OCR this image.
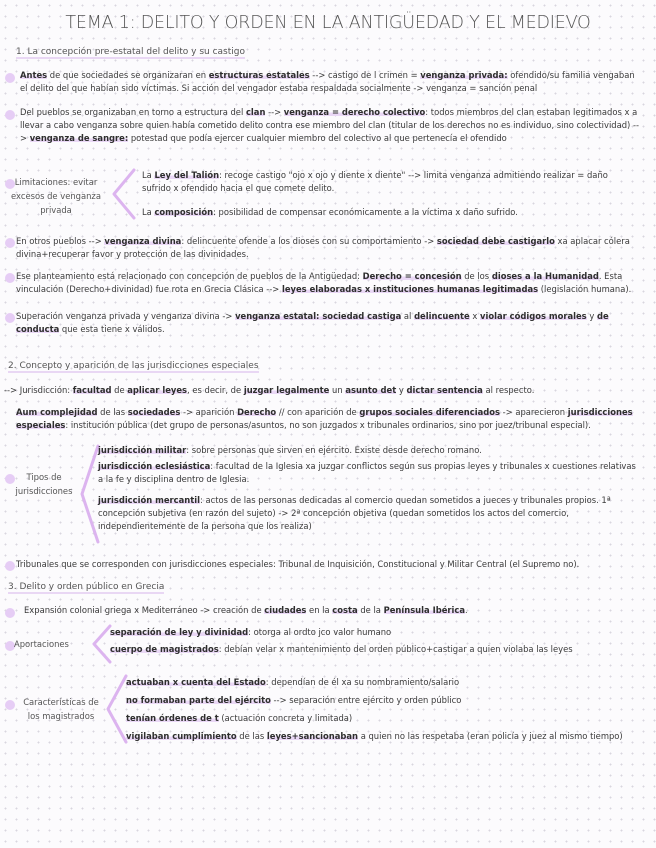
TEMA 1: DELITO Y ORDEN EN LA ANTIGÜEDAD Y EL MEDIEVO
1. La concepción pre-estatal del delito y su castigo
Antes de que sociedades se organizaran en estructuras estatales --> castigo de l crimen = venganza privada: ofendido/su familia vengaban el delito del que habían sido víctimas. Si acción del vengador estaba respaldada socialmente -> venganza = sanción penal
Del pueblos se organizaban en torno a estructura del clan --> venganza = derecho colectivo: todos miembros del clan estaban legitimados x a llevar a cabo venganza sobre quien había cometido delito contra ese miembro del clan (titular de los derechos no es individuo, sino colectividad) --> venganza de sangre: potestad que podía ejercer cualquier miembro del colectivo al que pertenecía el ofendido
Limitaciones: evitar excesos de venganza privada
La Ley del Talión: recoge castigo "ojo x ojo y diente x diente" --> limita venganza admitiendo realizar = daño sufrido x ofendido hacia el que comete delito.
La composición: posibilidad de compensar económicamente a la víctima x daño sufrido.
En otros pueblos --> venganza divina: delincuente ofende a los dioses con su comportamiento -> sociedad debe castigarlo xa aplacar cólera divina+recuperar favor y protección de las divinidades.
Ese planteamiento está relacionado con concepción de pueblos de la Antigüedad: Derecho = concesión de los dioses a la Humanidad. Esta vinculación (Derecho+divinidad) fue rota en Grecia Clásica --> leyes elaboradas x instituciones humanas legitimadas (legislación humana).
Superación venganza privada y venganza divina -> venganza estatal: sociedad castiga al delincuente x violar códigos morales y de conducta que esta tiene x válidos.
2. Concepto y aparición de las jurisdicciones especiales
--> Jurisdicción: facultad de aplicar leyes, es decir, de juzgar legalmente un asunto det y dictar sentencia al respecto.
Aum complejidad de las sociedades -> aparición Derecho // con aparición de grupos sociales diferenciados -> aparecieron jurisdicciones especiales: institución pública (det grupo de personas/asuntos, no son juzgados x tribunales ordinarios, sino por juez/tribunal especial).
Tipos de jurisdicciones
jurisdicción militar: sobre personas que sirven en ejército. Existe desde derecho romano.
jurisdicción eclesiástica: facultad de la Iglesia xa juzgar conflictos según sus propias leyes y tribunales x cuestiones relativas a la fe y disciplina dentro de Iglesia.
jurisdicción mercantil: actos de las personas dedicadas al comercio quedan sometidos a jueces y tribunales propios. 1ª concepción subjetiva (en razón del sujeto) -> 2ª concepción objetiva (quedan sometidos los actos del comercio, independientemente de la persona que los realiza)
Tribunales que se corresponden con jurisdicciones especiales: Tribunal de Inquisición, Constitucional y Militar Central (el Supremo no).
3. Delito y orden público en Grecia
Expansión colonial griega x Mediterráneo -> creación de ciudades en la costa de la Península Ibérica.
Aportaciones
separación de ley y divinidad: otorga al ordto jco valor humano
cuerpo de magistrados: debían velar x mantenimiento del orden público+castigar a quien violaba las leyes
Características de los magistrados
actuaban x cuenta del Estado: dependían de él xa su nombramiento/salario
no formaban parte del ejército --> separación entre ejército y orden público
tenían órdenes de t (actuación concreta y limitada)
vigilaban cumplimiento de las leyes+sancionaban a quien no las respetaba (eran policía y juez al mismo tiempo)
